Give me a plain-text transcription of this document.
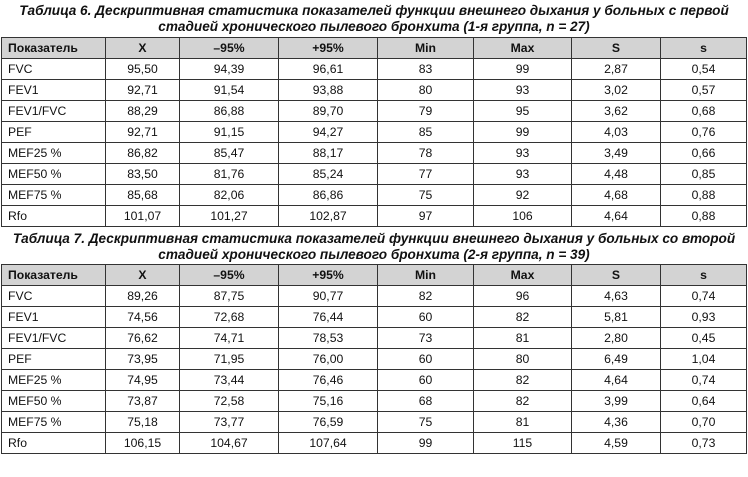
Таблица 6. Дескриптивная статистика показателей функции внешнего дыхания у больных с первой
стадией хронического пылевого бронхита (1-я группа, n = 27)
Показатель	X	–95%	+95%	Min	Max	S	s
FVC	95,50	94,39	96,61	83	99	2,87	0,54
FEV1	92,71	91,54	93,88	80	93	3,02	0,57
FEV1/FVC	88,29	86,88	89,70	79	95	3,62	0,68
PEF	92,71	91,15	94,27	85	99	4,03	0,76
MEF25 %	86,82	85,47	88,17	78	93	3,49	0,66
MEF50 %	83,50	81,76	85,24	77	93	4,48	0,85
MEF75 %	85,68	82,06	86,86	75	92	4,68	0,88
Rfo	101,07	101,27	102,87	97	106	4,64	0,88
Таблица 7. Дескриптивная статистика показателей функции внешнего дыхания у больных со второй
стадией хронического пылевого бронхита (2-я группа, n = 39)
Показатель	X	–95%	+95%	Min	Max	S	s
FVC	89,26	87,75	90,77	82	96	4,63	0,74
FEV1	74,56	72,68	76,44	60	82	5,81	0,93
FEV1/FVC	76,62	74,71	78,53	73	81	2,80	0,45
PEF	73,95	71,95	76,00	60	80	6,49	1,04
MEF25 %	74,95	73,44	76,46	60	82	4,64	0,74
MEF50 %	73,87	72,58	75,16	68	82	3,99	0,64
MEF75 %	75,18	73,77	76,59	75	81	4,36	0,70
Rfo	106,15	104,67	107,64	99	115	4,59	0,73
